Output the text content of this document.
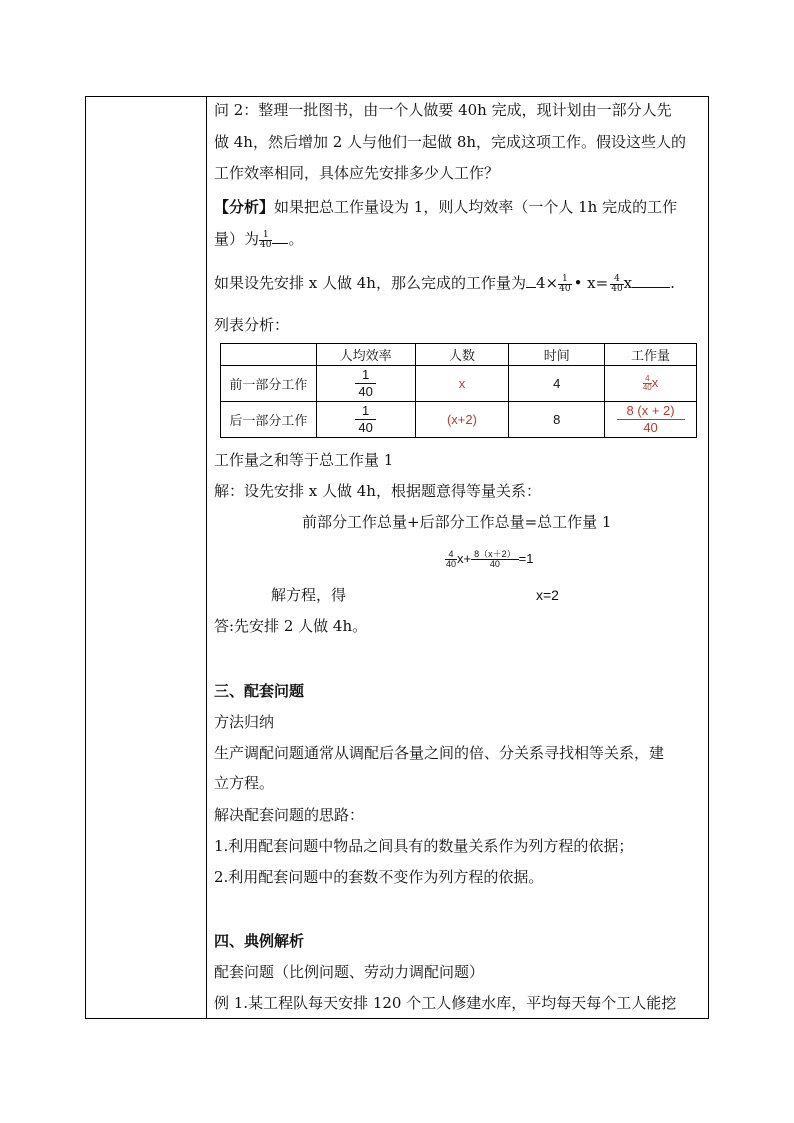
问 2：整理一批图书，由一个人做要 40h 完成，现计划由一部分人先
做 4h，然后增加 2 人与他们一起做 8h，完成这项工作。假设这些人的
工作效率相同，具体应先安排多少人工作？
【分析】如果把总工作量设为 1，则人均效率（一个人 1h 完成的工作
量）为 $\frac{1}{40}$ 。
如果设先安排 x 人做 4h，那么完成的工作量为 $4\times \frac{1}{40}$ • $x= \frac{4}{40}$ x	.
列表分析：
	人均效率	人数	时间	工作量
前一部分工作	$\frac{1}{40}$	x	4	$\frac{4}{40}$ x
后一部分工作	$\frac{1}{40}$	(x+2)	8	$\frac{8 (x + 2)}{40}$
工作量之和等于总工作量 1
解：设先安排 x 人做 4h，根据题意得等量关系：
前部分工作总量+后部分工作总量=总工作量 1
$\frac{4}{40} x+ \frac{8(x+2)}{40} =1$
解方程，得	x=2
答:先安排 2 人做 4h。
三、配套问题
方法归纳
生产调配问题通常从调配后各量之间的倍、分关系寻找相等关系，建
立方程。
解决配套问题的思路：
1.利用配套问题中物品之间具有的数量关系作为列方程的依据；
2.利用配套问题中的套数不变作为列方程的依据。
四、典例解析
配套问题（比例问题、劳动力调配问题）
例 1.某工程队每天安排 120 个工人修建水库，平均每天每个工人能挖
